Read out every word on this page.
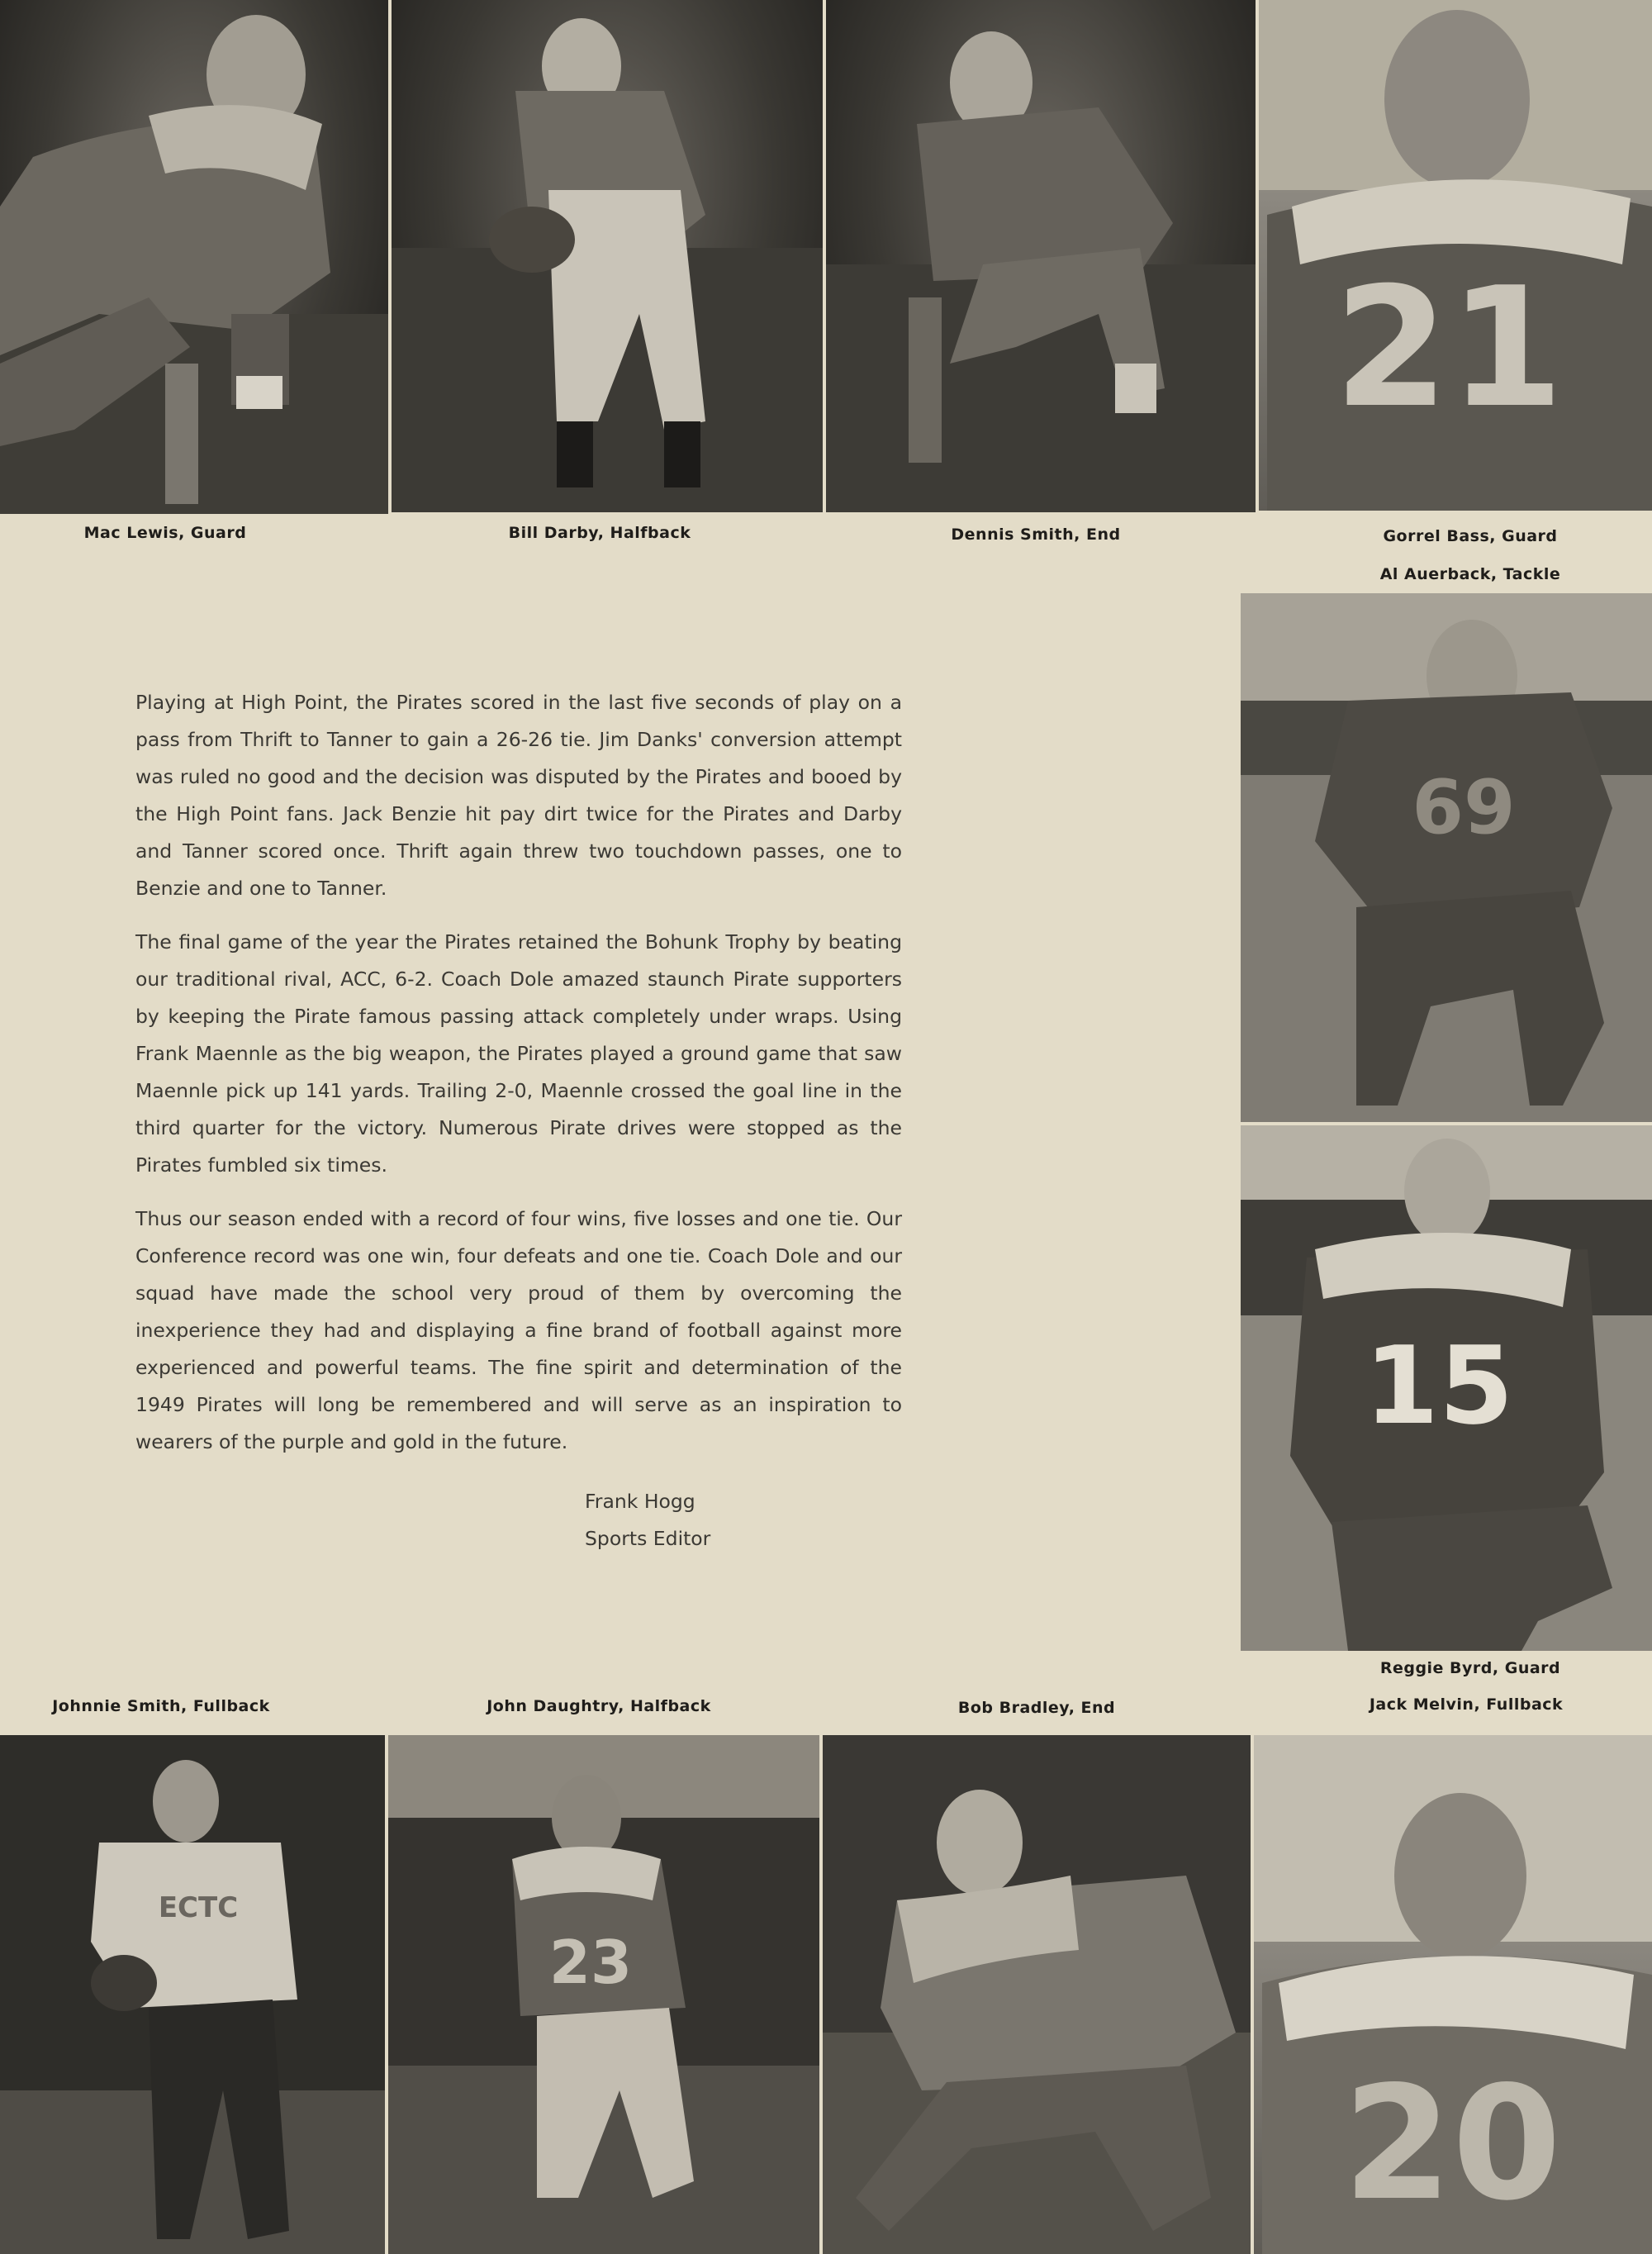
21
Mac Lewis, Guard	Bill Darby, Halfback	Dennis Smith, End	Gorrel Bass, Guard
Al Auerback, Tackle
69
15
Reggie Byrd, Guard

Playing at High Point, the Pirates scored in the last five seconds of play on a pass from Thrift to Tanner to gain a 26-26 tie. Jim Danks' conversion attempt was ruled no good and the decision was disputed by the Pirates and booed by the High Point fans. Jack Benzie hit pay dirt twice for the Pirates and Darby and Tanner scored once. Thrift again threw two touchdown passes, one to Benzie and one to Tanner.

The final game of the year the Pirates retained the Bohunk Trophy by beating our traditional rival, ACC, 6-2. Coach Dole amazed staunch Pirate supporters by keeping the Pirate famous passing attack completely under wraps. Using Frank Maennle as the big weapon, the Pirates played a ground game that saw Maennle pick up 141 yards. Trailing 2-0, Maennle crossed the goal line in the third quarter for the victory. Numerous Pirate drives were stopped as the Pirates fumbled six times.

Thus our season ended with a record of four wins, five losses and one tie. Our Conference record was one win, four defeats and one tie. Coach Dole and our squad have made the school very proud of them by overcoming the inexperience they had and displaying a fine brand of football against more experienced and powerful teams. The fine spirit and determination of the 1949 Pirates will long be remembered and will serve as an inspiration to wearers of the purple and gold in the future.

Frank Hogg
Sports Editor
Johnnie Smith, Fullback	John Daughtry, Halfback	Bob Bradley, End	Jack Melvin, Fullback
ECTC
23
20
